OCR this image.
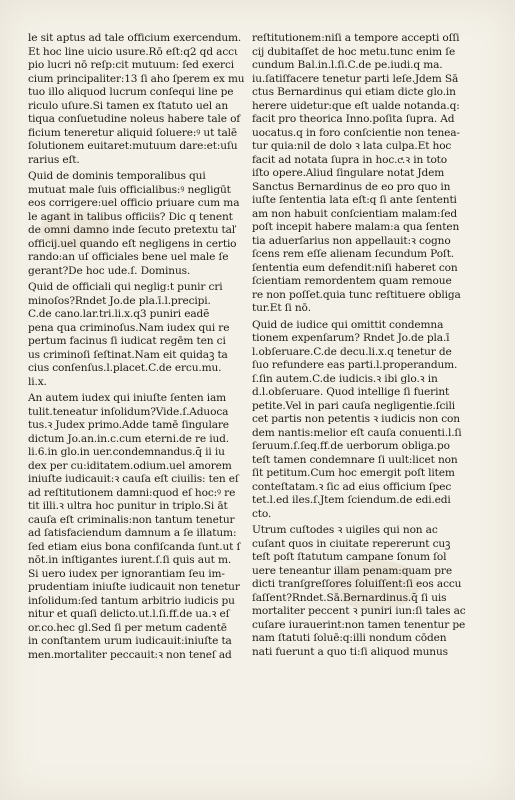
le sit aptus ad tale officium exercendum.
Et hoc line uicio usure.Rō eſt:q2 qd accι
pio lucri nō reſp:cit mutuum: ſed exerci
cium principaliter:13 ſi aho ſperem ex mu
tuo illo aliquod lucrum conſequi line pe
riculo uſure.Si tamen ex ſtatuto uel an
tiqua conſuetudine noleus habere tale of
ficium teneretur aliquid ſoluere:ꝰ ut talē
ſolutionem euitaret:mutuum dare:et:uſu
rarius eſt.
Quid de dominis temporalibus qui
mutuat male ſuis officialibus:ꝰ negligūt
eos corrigere:uel officio priuare cum ma
le agant in talibus officiis? Dic q tenent
de omni damno inde ſecuto pretextu taľ
officij.uel quando eſt negligens in certio
rando:an uſ officiales bene uel male ſe
gerant?De hoc ude.ſ. Dominus.
Quid de officiali qui neglig:t punir cri
minoſos?Rndet Jo.de pla.ī.l.precipi.
C.de cano.lar.tri.li.x.q3 puniri eadẽ
pena qua criminoſus.Nam iudex qui re
pertum facinus ſi iudicat regēm ten ci
us criminoſi ſeſtinat.Nam eit quidaꝫ ta
cius conſenſus.l.placet.C.de ercu.mu.
li.x.
An autem iudex qui iniuſte ſenten iam
tulit.teneatur inſolidum?Vide.ſ.Aduoca
tus.ꝛ Judex primo.Adde tamē ſingulare
dictum Jo.an.in.c.cum eterni.de re iud.
li.6.in glo.in uer.condemnandus.q̄ ii iu
dex per cu:iditatem.odium.uel amorem
iniuſte iudicauit:ꝛ cauſa eſt ciuilis: ten eſ
ad reſtitutionem damni:quod eſ hoc:ꝰ re
tit illi.ꝛ ultra hoc punitur in triplo.Si āt
cauſa eſt criminalis:non tantum tenetur
ad ſatisfaciendum damnum a ſe illatum:
ſed etiam eius bona confiſcanda ſunt.ut ſ
nōt.in inſtigantes iurent.ſ.ſi quis aut m.
Si uero iudex per ignorantiam ſeu im-
prudentiam iniuſte iudicauit non tenetur
inſolidum:ſed tantum arbitrio iudicis pu
nitur et quaſi delicto.ut.l.ſi.ff.de ua.ꝛ eſ
or.co.hec gl.Sed ſi per metum cadentē
in conſtantem urum iudicauit:iniuſte ta
men.mortaliter peccauit:ꝛ non teneſ ad
reſtitutionem:niſi a tempore accepti oſſi
cij dubitaſſet de hoc metu.tunc enim ſe
cundum Bal.in.l.ſi.C.de pe.iudi.q ma.
iu.ſatiſfacere tenetur parti leſe.Jdem Sā
ctus Bernardinus qui etiam dicte glo.in
herere uidetur:que eſt ualde notanda.q:
facit pro theorica Inno.poſita ſupra. Ad
uocatus.q in foro conſcientie non tenea-
tur quia:nil de dolo ꝛ lata culpa.Et hoc
facit ad notata ſupra in hoc.cͣ.ꝛ in toto
iſto opere.Aliud ſingulare notat Jdem
Sanctus Bernardinus de eo pro quo in
iuſte ſententia lata eſt:q ſi ante ſententi
am non habuit conſcientiam malam:ſed
poſt incepit habere malam:a qua ſenten
tia aduerſarius non appellauit:ꝛ cogno
ſcens rem eſſe alienam ſecundum Poſt.
ſententia eum defendit:niſi haberet con
ſcientiam remordentem quam remoue
re non poſſet.quia tunc reſtituere obliga
tur.Et ſi nō.
Quid de iudice qui omittit condemna
tionem expenſarum? Rndet Jo.de pla.ī
l.obſeruare.C.de decu.li.x.q tenetur de
ſuo refundere eas parti.l.properandum.
ſ.ſin autem.C.de iudicis.ꝛ ibi glo.ꝛ in
d.l.obſeruare. Quod intellige ſi fuerint
petite.Vel in pari cauſa negligentie.ſcili
cet partis non petentis ꝛ iudicis non con
dem nantis:melior eſt cauſa conuenti.l.ſi
ſeruum.ſ.ſeq.ff.de uerborum obliga.po
teſt tamen condemnare ſi uult:licet non
ſit petitum.Cum hoc emergit poſt litem
conteſtatam.ꝛ ſic ad eius officium ſpec
tet.l.ed iles.ſ.Jtem ſciendum.de edi.edi
cto.
Utrum cuſtodes ꝛ uigiles qui non ac
cuſant quos in ciuitate repererunt cuꝫ
teſt poſt ſtatutum campane ſonum ſol
uere teneantur illam penam:quam pre
dicti tranſgreſſores ſoluiſſent:ſi eos accu
ſaſſent?Rndet.Sā.Bernardinus.q̄ ſi uis
mortaliter peccent ꝛ puniri iun:ſi tales ac
cuſare iurauerint:non tamen tenentur pe
nam ſtatuti ſoluē:q:illi nondum cōden
nati fuerunt a quo ti:ſi aliquod munus
